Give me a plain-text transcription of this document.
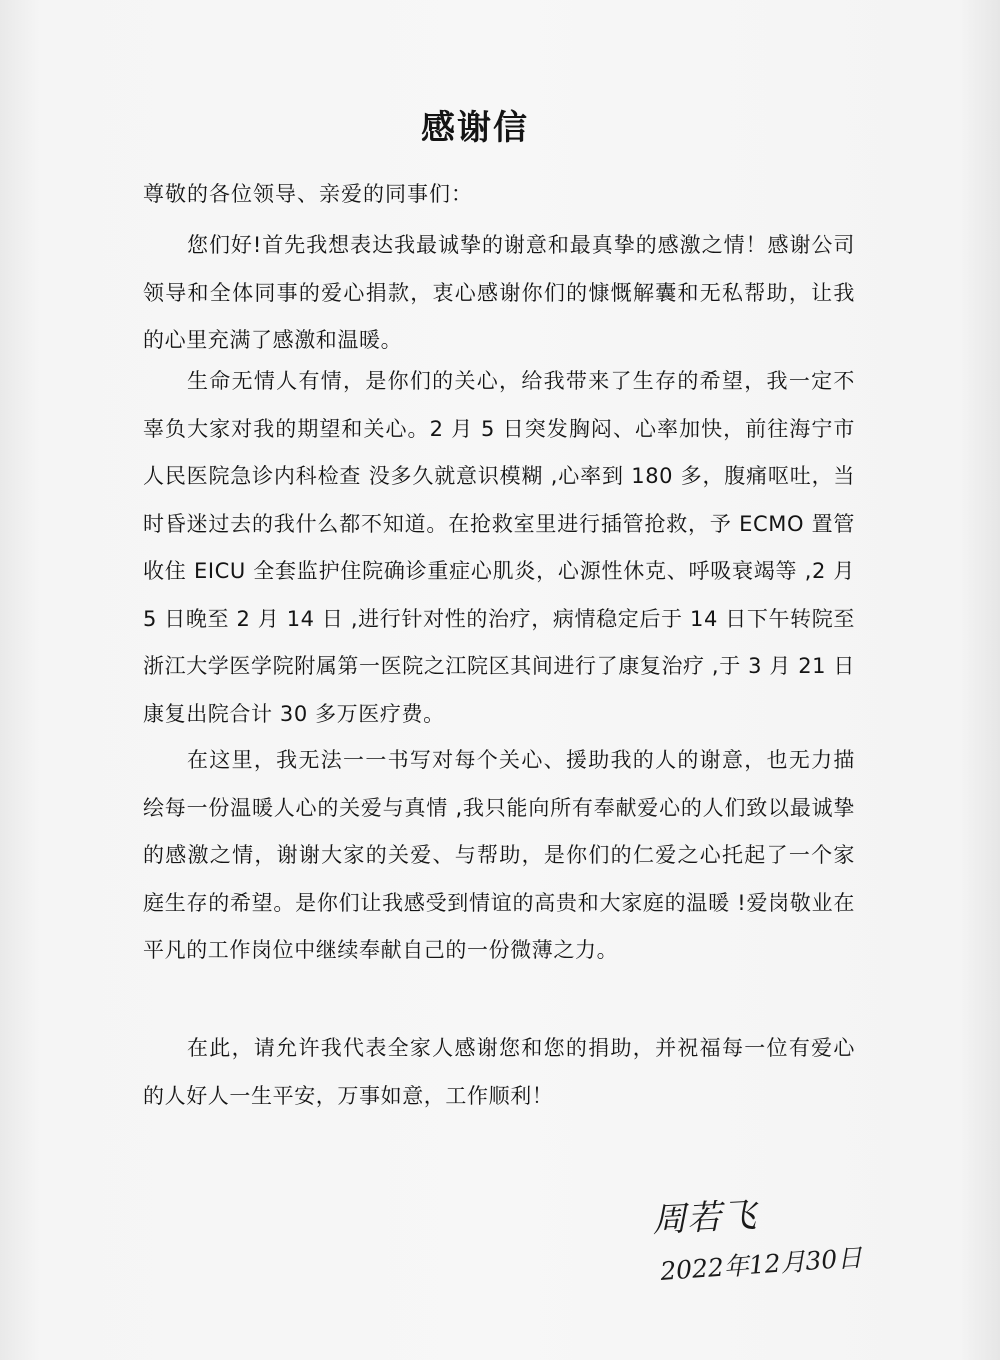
感谢信
尊敬的各位领导、亲爱的同事们：

您们好!首先我想表达我最诚挚的谢意和最真挚的感激之情！感谢公司领导和全体同事的爱心捐款，衷心感谢你们的慷慨解囊和无私帮助，让我的心里充满了感激和温暖。

生命无情人有情，是你们的关心，给我带来了生存的希望，我一定不辜负大家对我的期望和关心。2 月 5 日突发胸闷、心率加快，前往海宁市人民医院急诊内科检查 没多久就意识模糊 ,心率到 180 多，腹痛呕吐，当时昏迷过去的我什么都不知道。在抢救室里进行插管抢救，予 ECMO 置管收住 EICU 全套监护住院确诊重症心肌炎，心源性休克、呼吸衰竭等 ,2 月 5 日晚至 2 月 14 日 ,进行针对性的治疗，病情稳定后于 14 日下午转院至浙江大学医学院附属第一医院之江院区其间进行了康复治疗 ,于 3 月 21 日康复出院合计 30 多万医疗费。

在这里，我无法一一书写对每个关心、援助我的人的谢意，也无力描绘每一份温暖人心的关爱与真情 ,我只能向所有奉献爱心的人们致以最诚挚的感激之情，谢谢大家的关爱、与帮助，是你们的仁爱之心托起了一个家庭生存的希望。是你们让我感受到情谊的高贵和大家庭的温暖 !爱岗敬业在平凡的工作岗位中继续奉献自己的一份微薄之力。

在此，请允许我代表全家人感谢您和您的捐助，并祝福每一位有爱心的人好人一生平安，万事如意，工作顺利！

周若飞
2022年12月30日
